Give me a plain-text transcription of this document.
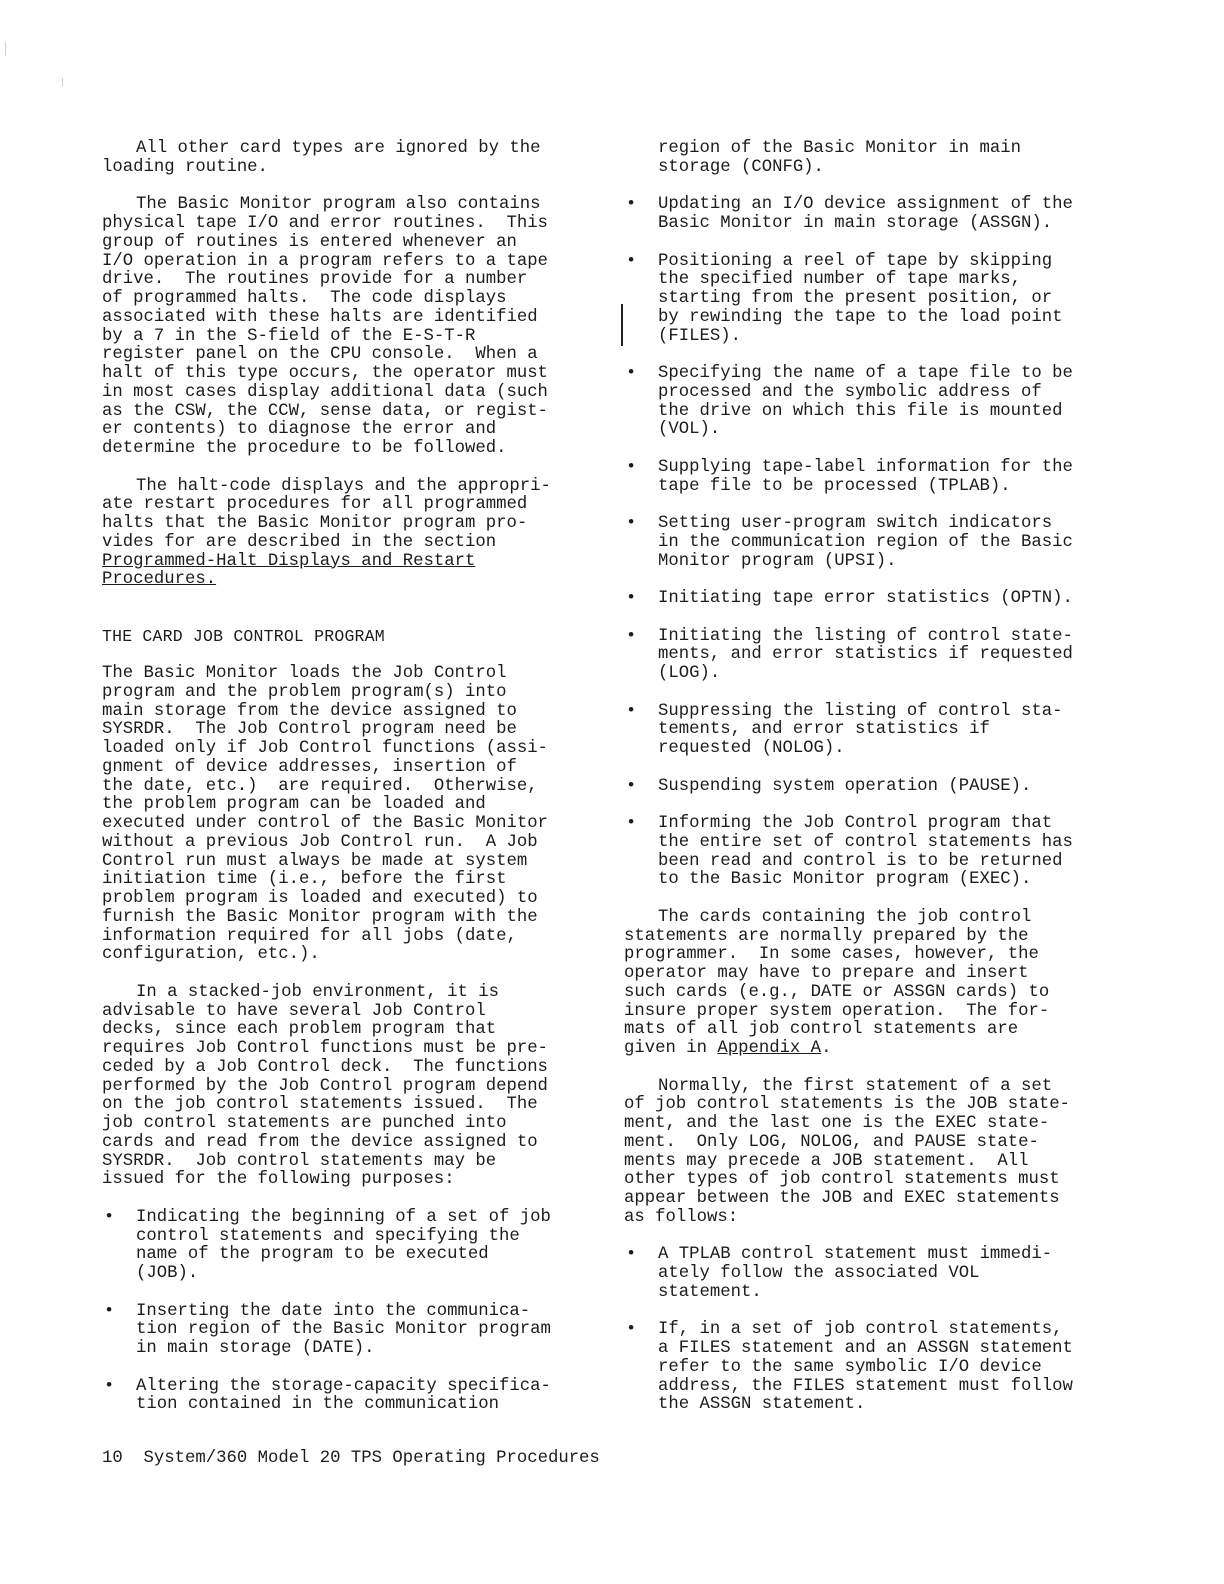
All other card types are ignored by the
loading routine.

The Basic Monitor program also contains
physical tape I/O and error routines.  This
group of routines is entered whenever an
I/O operation in a program refers to a tape
drive.  The routines provide for a number
of programmed halts.  The code displays
associated with these halts are identified
by a 7 in the S-field of the E-S-T-R
register panel on the CPU console.  When a
halt of this type occurs, the operator must
in most cases display additional data (such
as the CSW, the CCW, sense data, or regist-
er contents) to diagnose the error and
determine the procedure to be followed.

The halt-code displays and the appropri-
ate restart procedures for all programmed
halts that the Basic Monitor program pro-
vides for are described in the section
Programmed-Halt Displays and Restart
Procedures.

THE CARD JOB CONTROL PROGRAM

The Basic Monitor loads the Job Control
program and the problem program(s) into
main storage from the device assigned to
SYSRDR.  The Job Control program need be
loaded only if Job Control functions (assi-
gnment of device addresses, insertion of
the date, etc.)  are required.  Otherwise,
the problem program can be loaded and
executed under control of the Basic Monitor
without a previous Job Control run.  A Job
Control run must always be made at system
initiation time (i.e., before the first
problem program is loaded and executed) to
furnish the Basic Monitor program with the
information required for all jobs (date,
configuration, etc.).

In a stacked-job environment, it is
advisable to have several Job Control
decks, since each problem program that
requires Job Control functions must be pre-
ceded by a Job Control deck.  The functions
performed by the Job Control program depend
on the job control statements issued.  The
job control statements are punched into
cards and read from the device assigned to
SYSRDR.  Job control statements may be
issued for the following purposes:

• Indicating the beginning of a set of job
control statements and specifying the
name of the program to be executed
(JOB).

• Inserting the date into the communica-
tion region of the Basic Monitor program
in main storage (DATE).

• Altering the storage-capacity specifica-
tion contained in the communication

region of the Basic Monitor in main
storage (CONFG).

• Updating an I/O device assignment of the
Basic Monitor in main storage (ASSGN).

• Positioning a reel of tape by skipping
the specified number of tape marks,
starting from the present position, or
by rewinding the tape to the load point
(FILES).

• Specifying the name of a tape file to be
processed and the symbolic address of
the drive on which this file is mounted
(VOL).

• Supplying tape-label information for the
tape file to be processed (TPLAB).

• Setting user-program switch indicators
in the communication region of the Basic
Monitor program (UPSI).

• Initiating tape error statistics (OPTN).

• Initiating the listing of control state-
ments, and error statistics if requested
(LOG).

• Suppressing the listing of control sta-
tements, and error statistics if
requested (NOLOG).

• Suspending system operation (PAUSE).

• Informing the Job Control program that
the entire set of control statements has
been read and control is to be returned
to the Basic Monitor program (EXEC).

The cards containing the job control
statements are normally prepared by the
programmer.  In some cases, however, the
operator may have to prepare and insert
such cards (e.g., DATE or ASSGN cards) to
insure proper system operation.  The for-
mats of all job control statements are
given in Appendix A.

Normally, the first statement of a set
of job control statements is the JOB state-
ment, and the last one is the EXEC state-
ment.  Only LOG, NOLOG, and PAUSE state-
ments may precede a JOB statement.  All
other types of job control statements must
appear between the JOB and EXEC statements
as follows:

• A TPLAB control statement must immedi-
ately follow the associated VOL
statement.

• If, in a set of job control statements,
a FILES statement and an ASSGN statement
refer to the same symbolic I/O device
address, the FILES statement must follow
the ASSGN statement.

10 System/360 Model 20 TPS Operating Procedures
